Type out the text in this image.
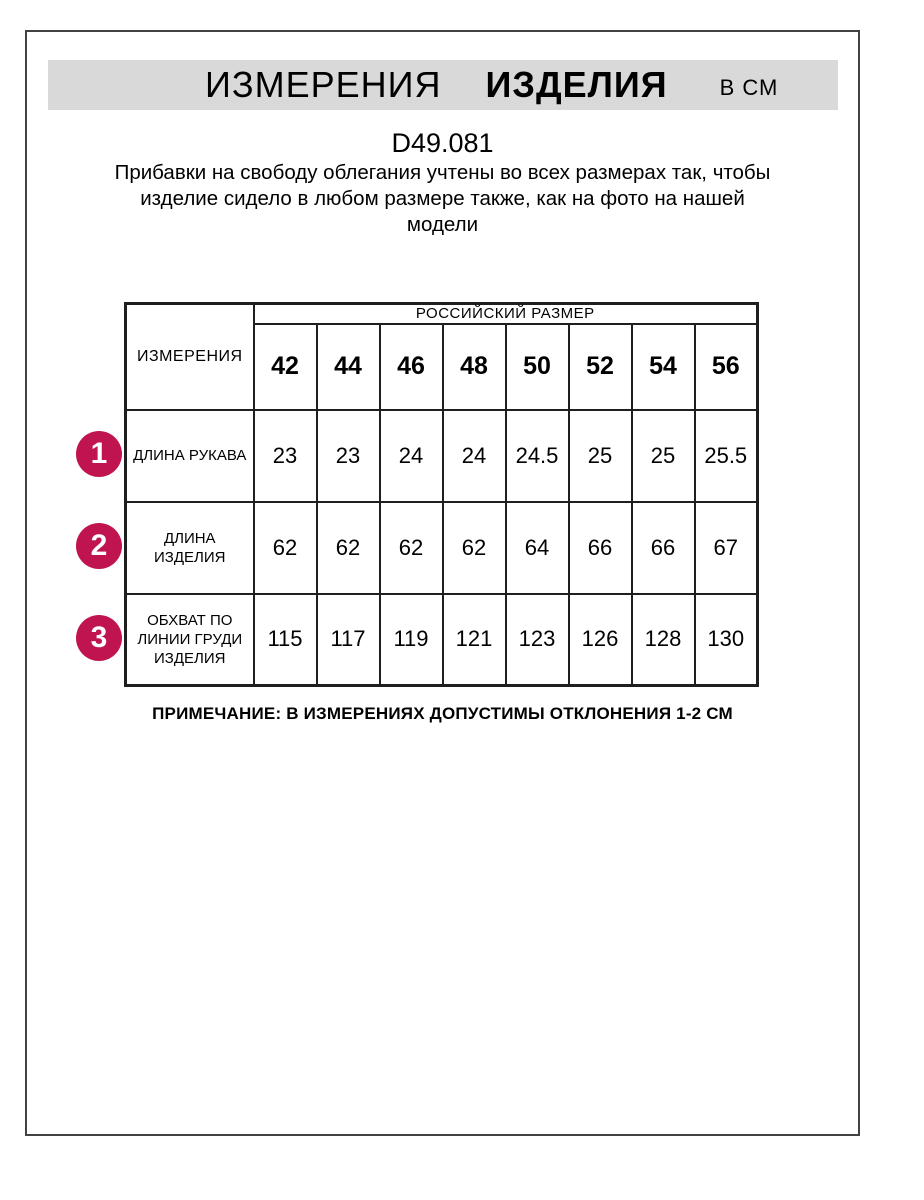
ИЗМЕРЕНИЯ ИЗДЕЛИЯ В СМ
D49.081
Прибавки на свободу облегания учтены во всех размерах так, чтобы
изделие сидело в любом размере также, как на фото на нашей
модели
1
2
3
ИЗМЕРЕНИЯ	РОССИЙСКИЙ РАЗМЕР							
	42	44	46	48	50	52	54	56

ДЛИНА РУКАВА	23	23	24	24	24.5	25	25	25.5

ДЛИНА
ИЗДЕЛИЯ	62	62	62	62	64	66	66	67

ОБХВАТ ПО
ЛИНИИ ГРУДИ
ИЗДЕЛИЯ	115	117	119	121	123	126	128	130
ПРИМЕЧАНИЕ: В ИЗМЕРЕНИЯХ ДОПУСТИМЫ ОТКЛОНЕНИЯ 1-2 СМ
